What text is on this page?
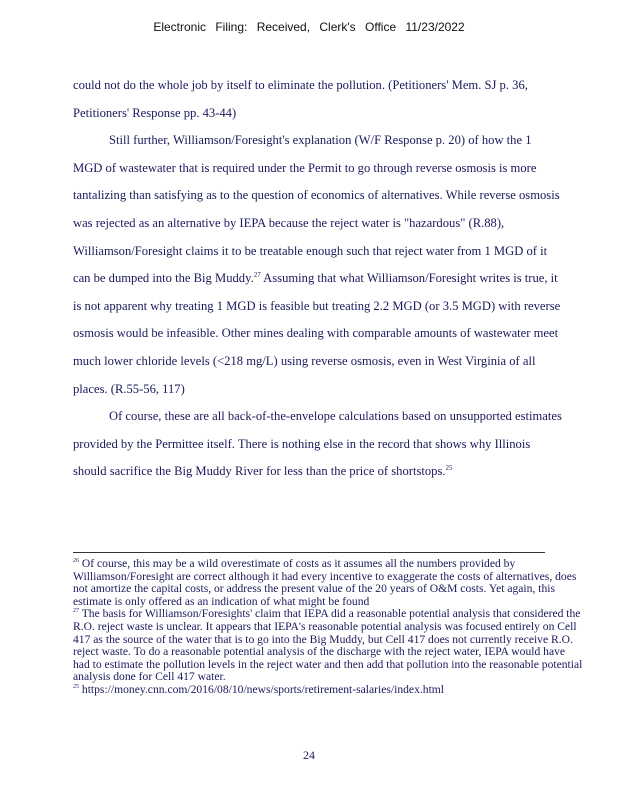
Electronic Filing: Received, Clerk's Office 11/23/2022

could not do the whole job by itself to eliminate the pollution. (Petitioners' Mem. SJ p. 36, Petitioners' Response pp. 43-44)

Still further, Williamson/Foresight's explanation (W/F Response p. 20) of how the 1 MGD of wastewater that is required under the Permit to go through reverse osmosis is more tantalizing than satisfying as to the question of economics of alternatives. While reverse osmosis was rejected as an alternative by IEPA because the reject water is "hazardous" (R.88), Williamson/Foresight claims it to be treatable enough such that reject water from 1 MGD of it can be dumped into the Big Muddy.$^{27}$ Assuming that what Williamson/Foresight writes is true, it is not apparent why treating 1 MGD is feasible but treating 2.2 MGD (or 3.5 MGD) with reverse osmosis would be infeasible. Other mines dealing with comparable amounts of wastewater meet much lower chloride levels (<218 mg/L) using reverse osmosis, even in West Virginia of all places. (R.55-56, 117)

Of course, these are all back-of-the-envelope calculations based on unsupported estimates provided by the Permittee itself. There is nothing else in the record that shows why Illinois should sacrifice the Big Muddy River for less than the price of shortstops.$^{25}$

$^{26}$ Of course, this may be a wild overestimate of costs as it assumes all the numbers provided by Williamson/Foresight are correct although it had every incentive to exaggerate the costs of alternatives, does not amortize the capital costs, or address the present value of the 20 years of O&M costs. Yet again, this estimate is only offered as an indication of what might be found

$^{27}$ The basis for Williamson/Foresights' claim that IEPA did a reasonable potential analysis that considered the R.O. reject waste is unclear. It appears that IEPA's reasonable potential analysis was focused entirely on Cell 417 as the source of the water that is to go into the Big Muddy, but Cell 417 does not currently receive R.O. reject waste. To do a reasonable potential analysis of the discharge with the reject water, IEPA would have had to estimate the pollution levels in the reject water and then add that pollution into the reasonable potential analysis done for Cell 417 water.

$^{25}$ https://money.cnn.com/2016/08/10/news/sports/retirement-salaries/index.html

24
